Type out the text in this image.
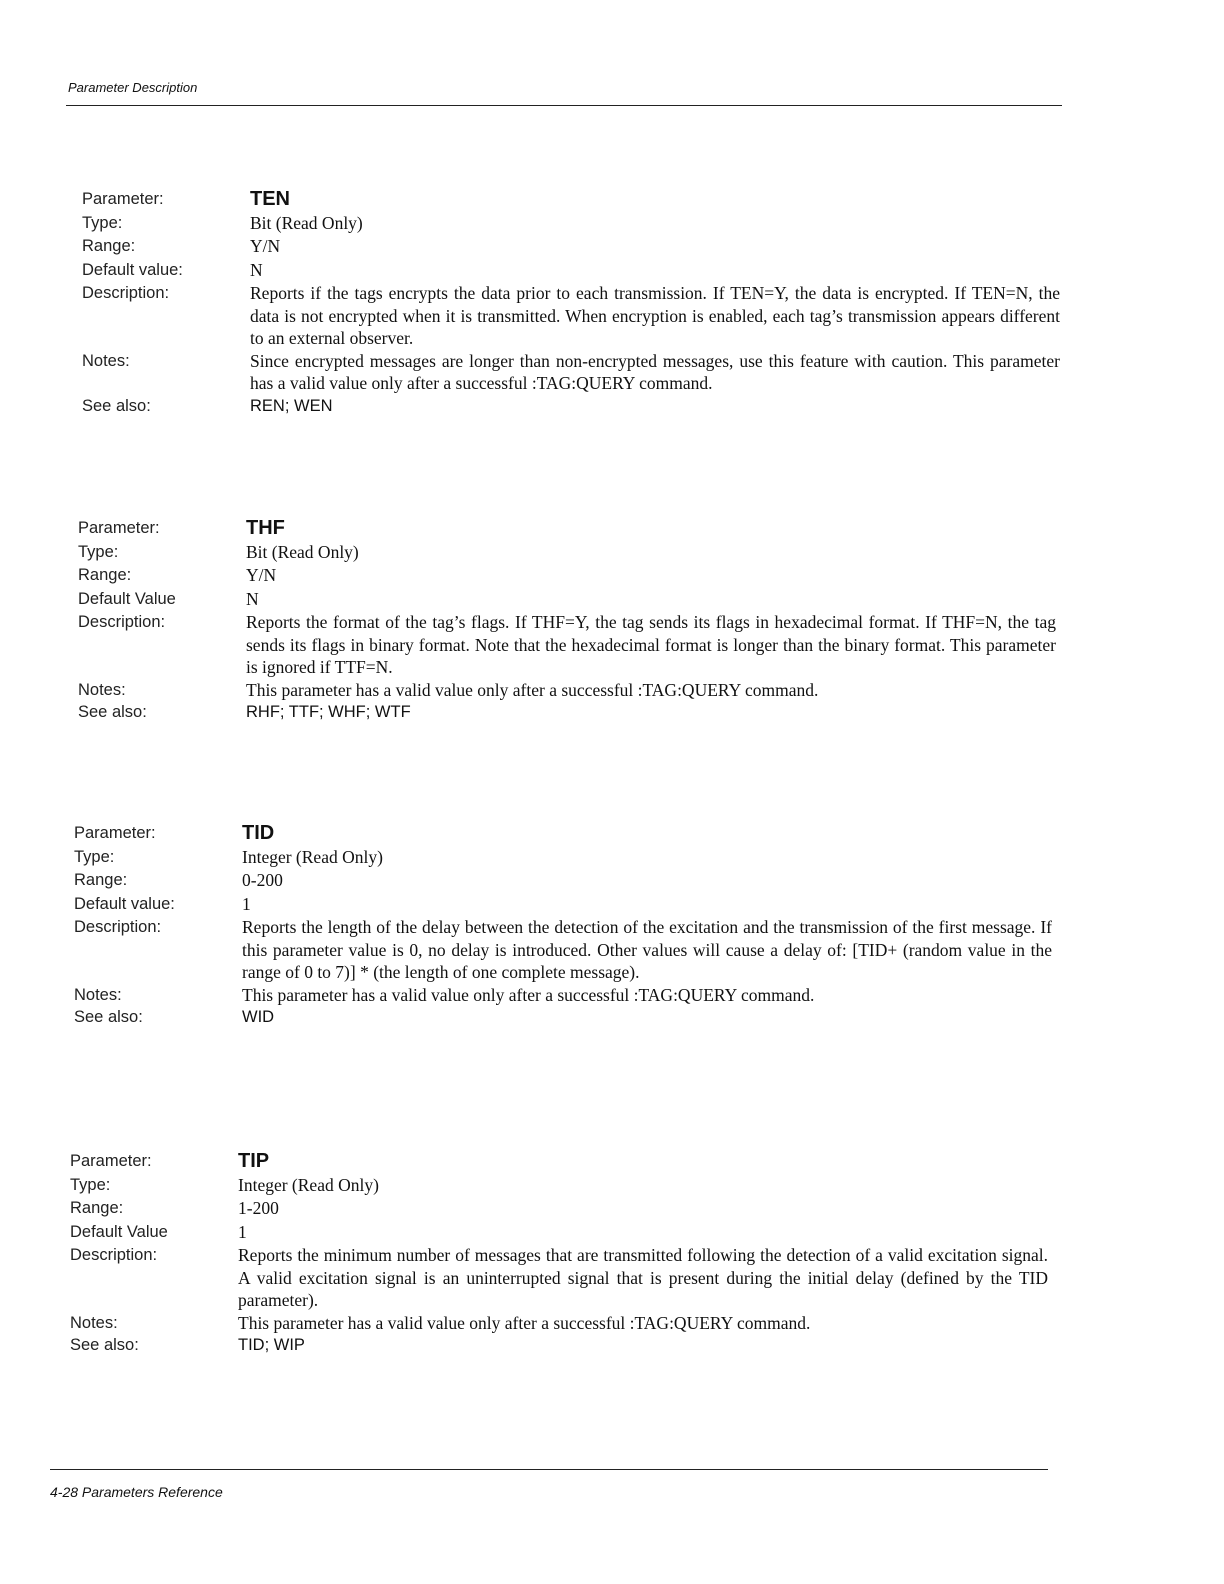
Parameter Description
Parameter:	TEN
Type:	Bit (Read Only)
Range:	Y/N
Default value:	N
Description:	Reports if the tags encrypts the data prior to each transmission. If TEN=Y, the data is encrypted. If TEN=N, the data is not encrypted when it is transmitted. When encryption is enabled, each tag’s transmission appears different to an external observer.
Notes:	Since encrypted messages are longer than non-encrypted messages, use this feature with caution. This parameter has a valid value only after a successful :TAG:QUERY command.
See also:	REN; WEN
Parameter:	THF
Type:	Bit (Read Only)
Range:	Y/N
Default Value	N
Description:	Reports the format of the tag’s flags. If THF=Y, the tag sends its flags in hexadecimal format. If THF=N, the tag sends its flags in binary format. Note that the hexadecimal format is longer than the binary format. This parameter is ignored if TTF=N.
Notes:	This parameter has a valid value only after a successful :TAG:QUERY command.
See also:	RHF; TTF; WHF; WTF
Parameter:	TID
Type:	Integer (Read Only)
Range:	0-200
Default value:	1
Description:	Reports the length of the delay between the detection of the excitation and the transmission of the first message. If this parameter value is 0, no delay is introduced. Other values will cause a delay of: [TID+ (random value in the range of 0 to 7)] * (the length of one complete message).
Notes:	This parameter has a valid value only after a successful :TAG:QUERY command.
See also:	WID
Parameter:	TIP
Type:	Integer (Read Only)
Range:	1-200
Default Value	1
Description:	Reports the minimum number of messages that are transmitted following the detection of a valid excitation signal. A valid excitation signal is an uninterrupted signal that is present during the initial delay (defined by the TID parameter).
Notes:	This parameter has a valid value only after a successful :TAG:QUERY command.
See also:	TID; WIP
4-28 Parameters Reference
